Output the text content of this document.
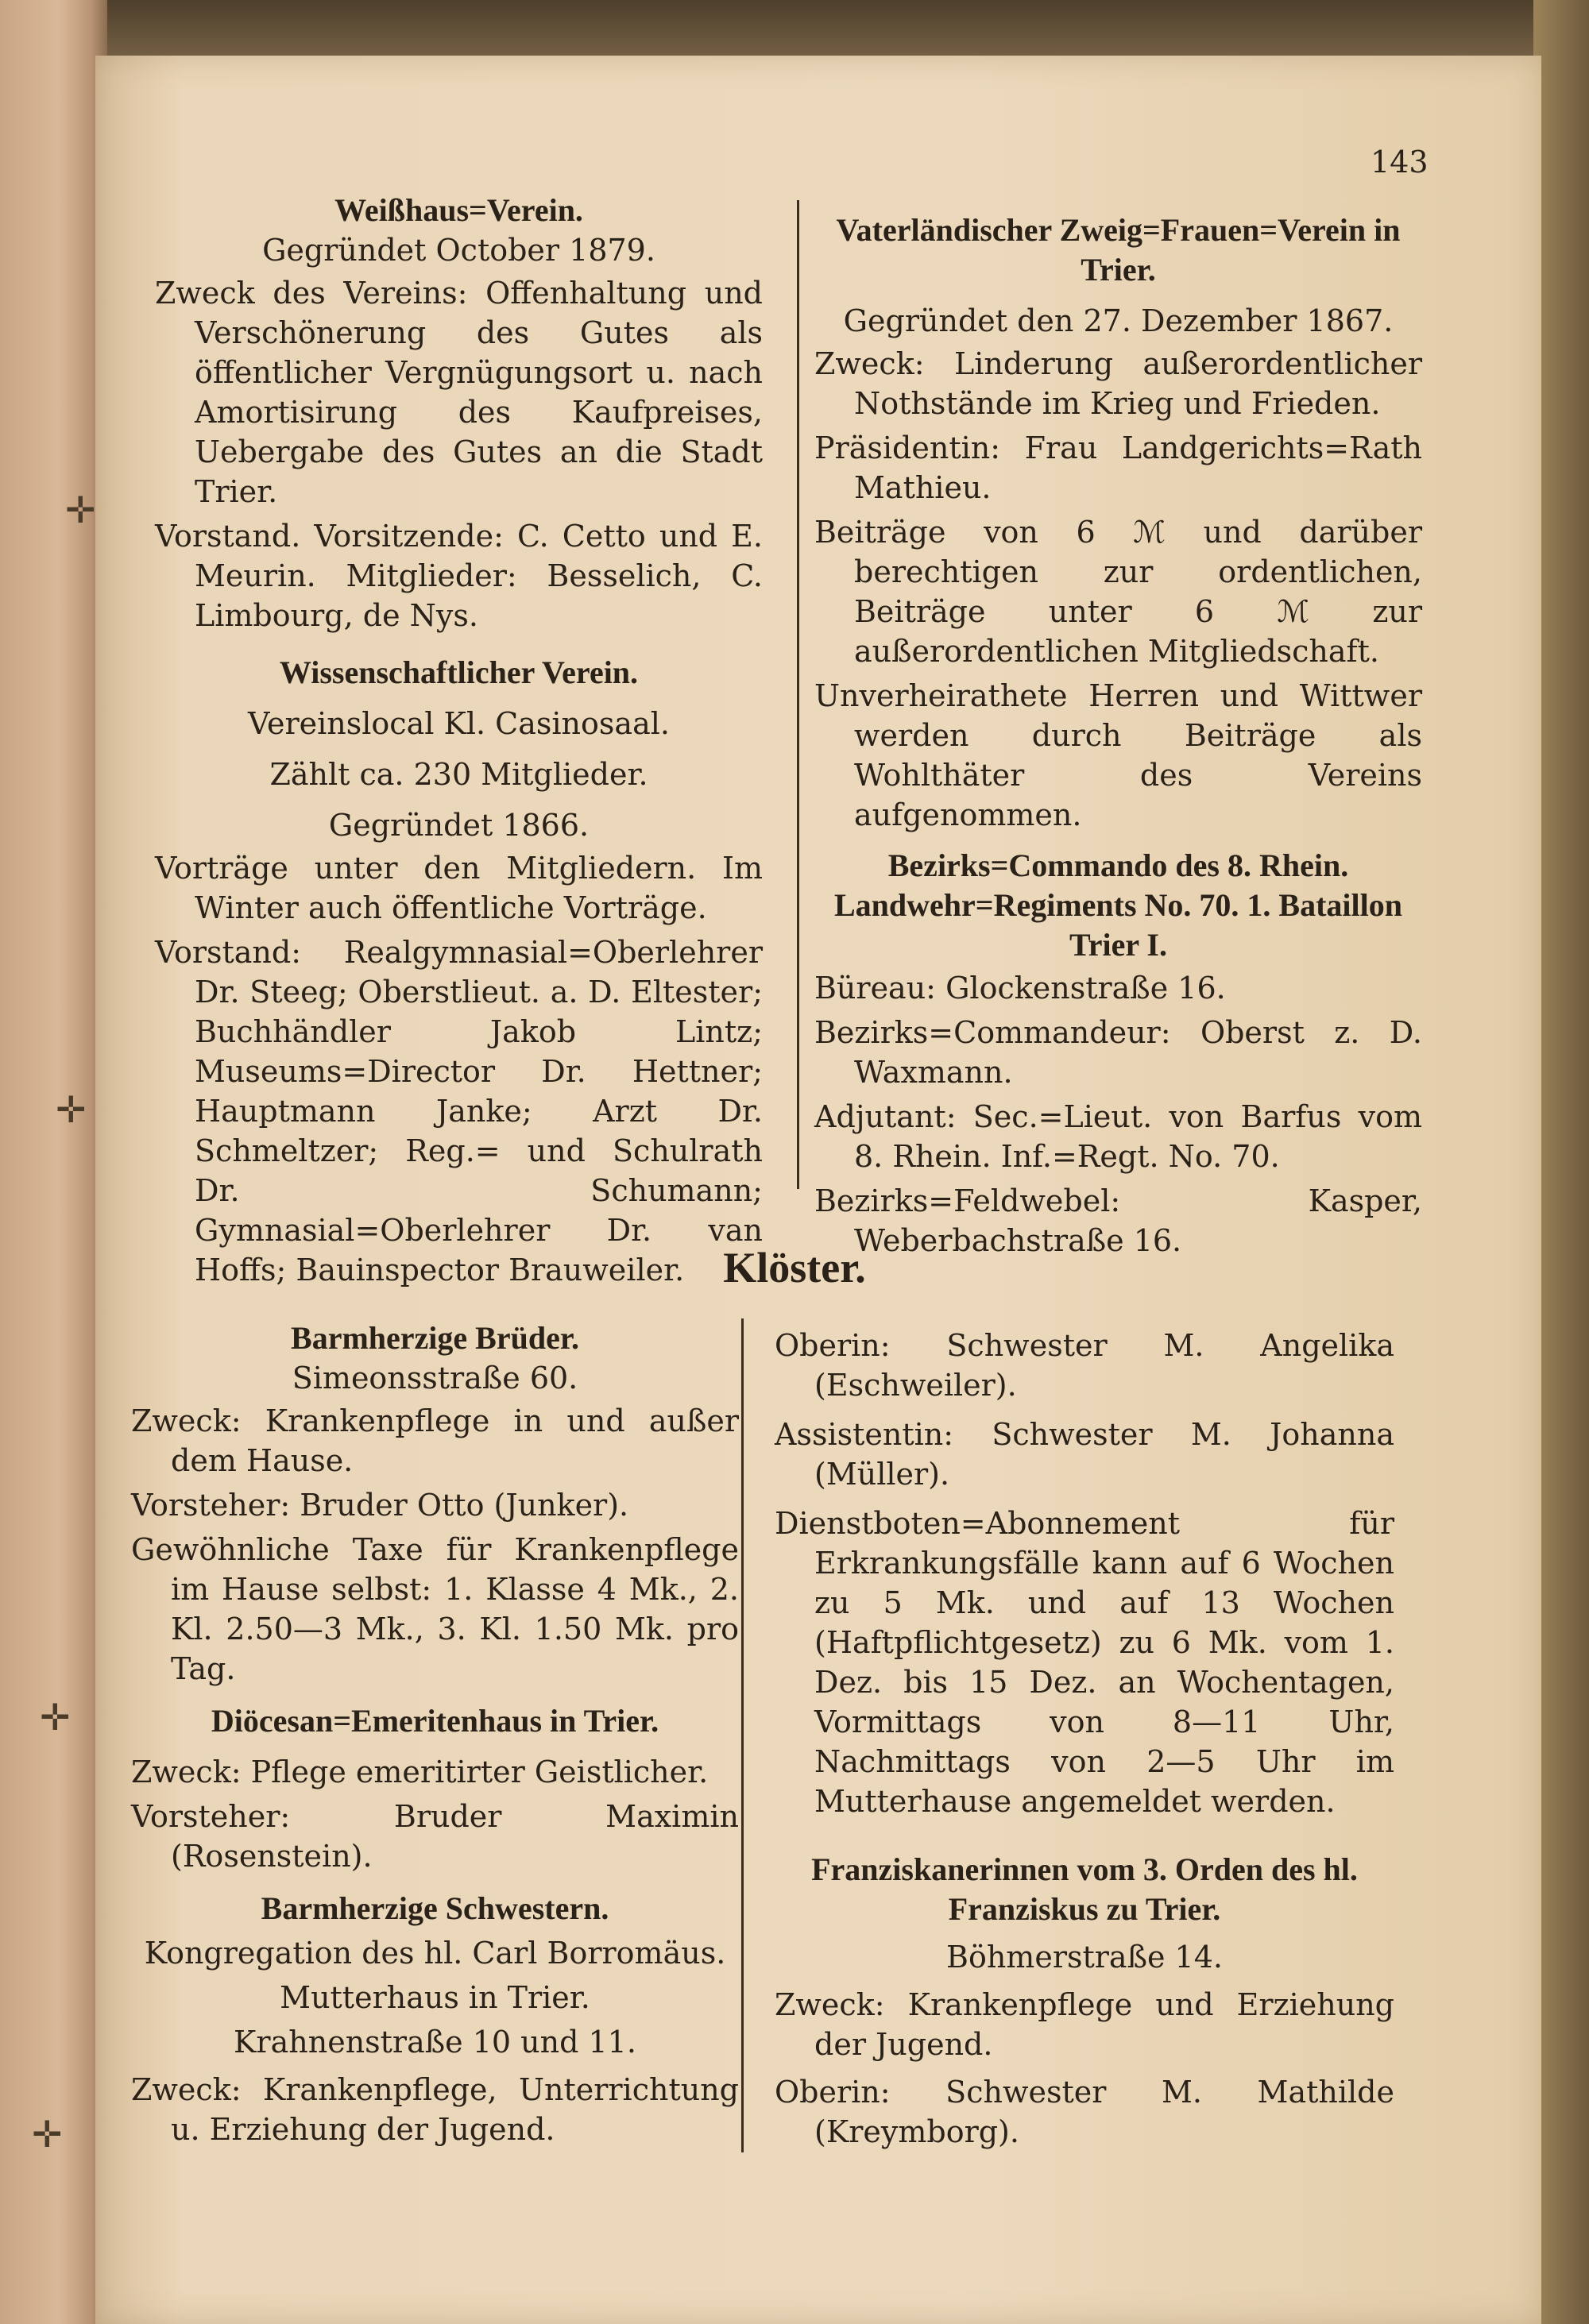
✛
✛
✛
✛
143

Weißhaus=Verein.

Gegründet October 1879.

Zweck des Vereins: Offenhaltung und Verschönerung des Gutes als öffentlicher Vergnügungsort u. nach Amortisirung des Kaufpreises, Uebergabe des Gutes an die Stadt Trier.

Vorstand. Vorsitzende: C. Cetto und E. Meurin. Mitglieder: Besselich, C. Limbourg, de Nys.

Wissenschaftlicher Verein.

Vereinslocal Kl. Casinosaal.

Zählt ca. 230 Mitglieder.

Gegründet 1866.

Vorträge unter den Mitgliedern. Im Winter auch öffentliche Vorträge.

Vorstand: Realgymnasial=Oberlehrer Dr. Steeg; Oberstlieut. a. D. Eltester; Buchhändler Jakob Lintz; Museums=Director Dr. Hettner; Hauptmann Janke; Arzt Dr. Schmeltzer; Reg.= und Schulrath Dr. Schumann; Gymnasial=Oberlehrer Dr. van Hoffs; Bauinspector Brauweiler.

Vaterländischer Zweig=Frauen=Verein in Trier.

Gegründet den 27. Dezember 1867.

Zweck: Linderung außerordentlicher Nothstände im Krieg und Frieden.

Präsidentin: Frau Landgerichts=Rath Mathieu.

Beiträge von 6 ℳ und darüber berechtigen zur ordentlichen, Beiträge unter 6 ℳ zur außerordentlichen Mitgliedschaft.

Unverheirathete Herren und Wittwer werden durch Beiträge als Wohlthäter des Vereins aufgenommen.

Bezirks=Commando des 8. Rhein. Landwehr=Regiments No. 70. 1. Bataillon Trier I.

Büreau: Glockenstraße 16.

Bezirks=Commandeur: Oberst z. D. Waxmann.

Adjutant: Sec.=Lieut. von Barfus vom 8. Rhein. Inf.=Regt. No. 70.

Bezirks=Feldwebel: Kasper, Weberbachstraße 16.

Klöster.

Barmherzige Brüder.

Simeonsstraße 60.

Zweck: Krankenpflege in und außer dem Hause.

Vorsteher: Bruder Otto (Junker).

Gewöhnliche Taxe für Krankenpflege im Hause selbst: 1. Klasse 4 Mk., 2. Kl. 2.50—3 Mk., 3. Kl. 1.50 Mk. pro Tag.

Diöcesan=Emeritenhaus in Trier.

Zweck: Pflege emeritirter Geistlicher.

Vorsteher: Bruder Maximin (Rosenstein).

Barmherzige Schwestern.

Kongregation des hl. Carl Borromäus.

Mutterhaus in Trier.

Krahnenstraße 10 und 11.

Zweck: Krankenpflege, Unterrichtung u. Erziehung der Jugend.

Oberin: Schwester M. Angelika (Eschweiler).

Assistentin: Schwester M. Johanna (Müller).

Dienstboten=Abonnement für Erkrankungsfälle kann auf 6 Wochen zu 5 Mk. und auf 13 Wochen (Haftpflichtgesetz) zu 6 Mk. vom 1. Dez. bis 15 Dez. an Wochentagen, Vormittags von 8—11 Uhr, Nachmittags von 2—5 Uhr im Mutterhause angemeldet werden.

Franziskanerinnen vom 3. Orden des hl. Franziskus zu Trier.

Böhmerstraße 14.

Zweck: Krankenpflege und Erziehung der Jugend.

Oberin: Schwester M. Mathilde (Kreymborg).
